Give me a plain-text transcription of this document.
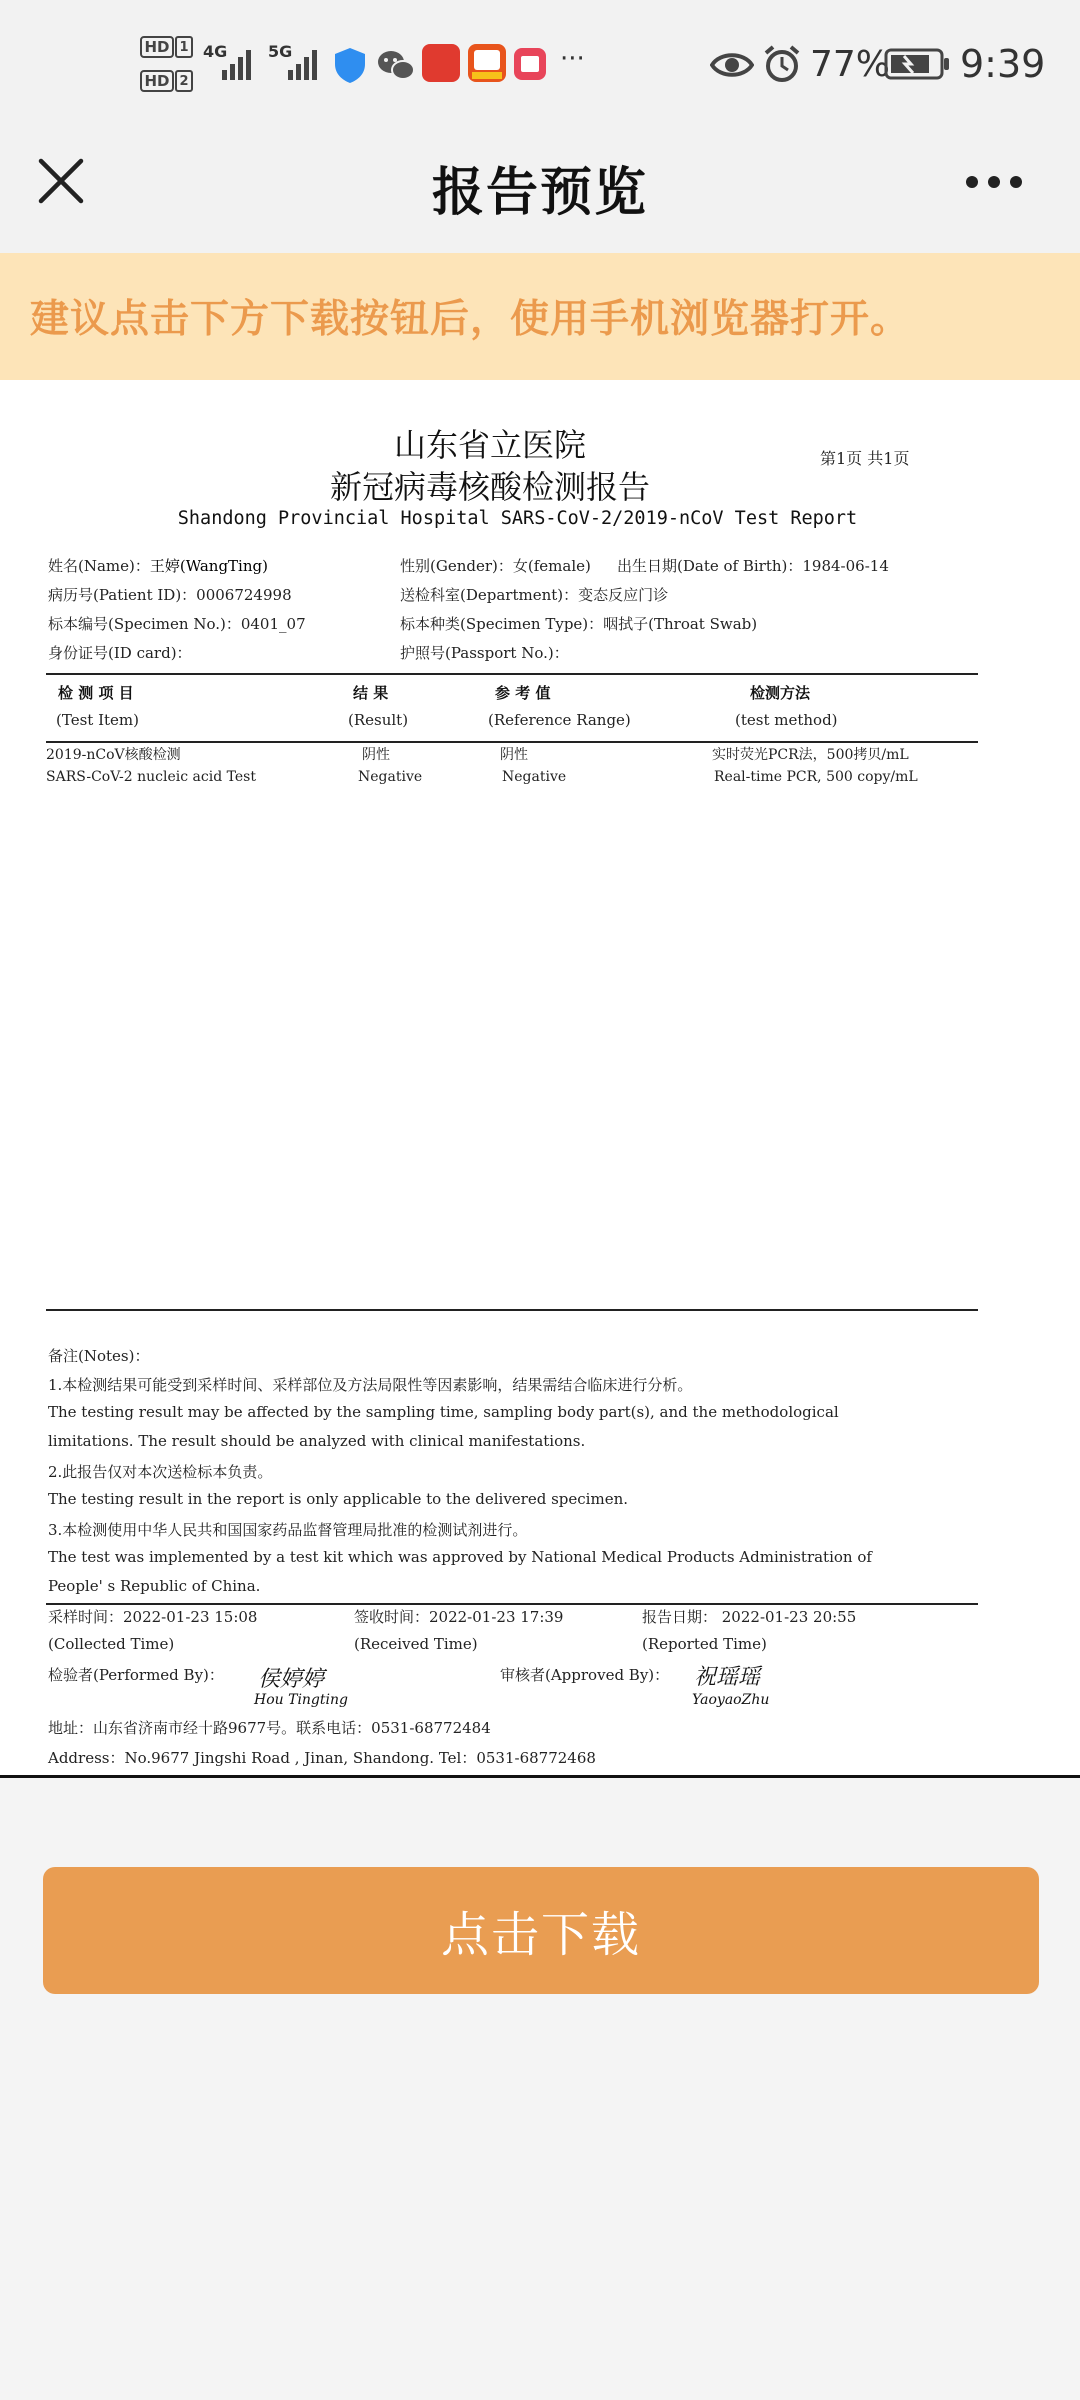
HD 1
HD 2
4G	5G	···	77% 9:39
报告预览
建议点击下方下载按钮后，使用手机浏览器打开。
山东省立医院
新冠病毒核酸检测报告
第1页 共1页
Shandong Provincial Hospital SARS-CoV-2/2019-nCoV Test Report
姓名(Name)：王婷(WangTing)	性别(Gender)：女(female) 出生日期(Date of Birth)：1984-06-14
病历号(Patient ID)：0006724998	送检科室(Department)：变态反应门诊
标本编号(Specimen No.)：0401_07	标本种类(Specimen Type)：咽拭子(Throat Swab)
身份证号(ID card)：	护照号(Passport No.)：
检 测 项 目	结 果	参 考 值	检测方法
(Test Item)	(Result)	(Reference Range)	(test method)
2019-nCoV核酸检测	阴性	阴性	实时荧光PCR法，500拷贝/mL
SARS-CoV-2 nucleic acid Test	Negative	Negative	Real-time PCR, 500 copy/mL
备注(Notes)：
1.本检测结果可能受到采样时间、采样部位及方法局限性等因素影响，结果需结合临床进行分析。
The testing result may be affected by the sampling time, sampling body part(s), and the methodological
limitations. The result should be analyzed with clinical manifestations.
2.此报告仅对本次送检标本负责。
The testing result in the report is only applicable to the delivered specimen.
3.本检测使用中华人民共和国国家药品监督管理局批准的检测试剂进行。
The test was implemented by a test kit which was approved by National Medical Products Administration of
People' s Republic of China.
采样时间：2022-01-23 15:08	签收时间：2022-01-23 17:39	报告日期： 2022-01-23 20:55
(Collected Time)	(Received Time)	(Reported Time)
检验者(Performed By)： 侯婷婷
Hou Tingting
审核者(Approved By)： 祝瑶瑶
YaoyaoZhu
地址：山东省济南市经十路9677号。联系电话：0531-68772484
Address：No.9677 Jingshi Road , Jinan, Shandong. Tel：0531-68772468
点击下载
